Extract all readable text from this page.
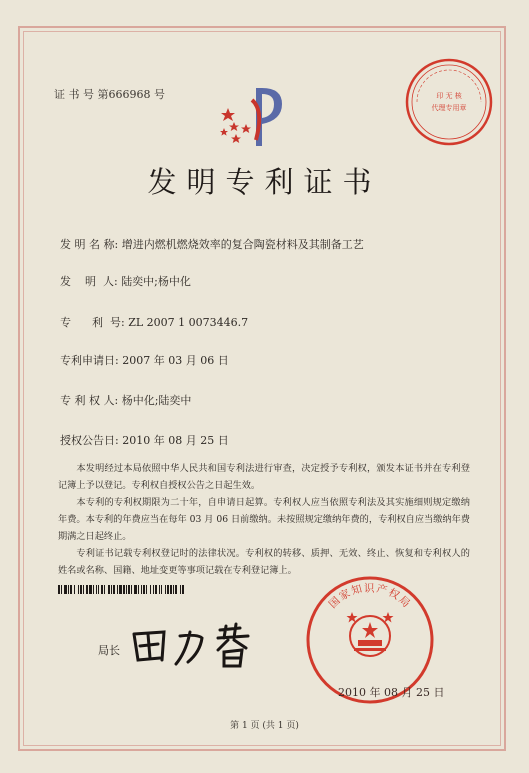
证 书 号 第666968 号	印 无 核
代理专用章
发明专利证书
发 明 名 称: 增进内燃机燃烧效率的复合陶瓷材料及其制备工艺
发    明  人: 陆奕中;杨中化
专      利  号: ZL 2007 1 0073446.7
专利申请日: 2007 年 03 月 06 日
专 利 权 人: 杨中化;陆奕中
授权公告日: 2010 年 08 月 25 日

本发明经过本局依照中华人民共和国专利法进行审查，决定授予专利权，颁发本证书并在专利登记簿上予以登记。专利权自授权公告之日起生效。

本专利的专利权期限为二十年，自申请日起算。专利权人应当依照专利法及其实施细则规定缴纳年费。本专利的年费应当在每年 03 月 06 日前缴纳。未按照规定缴纳年费的，专利权自应当缴纳年费期满之日起终止。

专利证书记载专利权登记时的法律状况。专利权的转移、质押、无效、终止、恢复和专利权人的姓名或名称、国籍、地址变更等事项记载在专利登记簿上。

局长
国家知识产权局
2010 年 08 月 25 日
第 1 页 (共 1 页)
